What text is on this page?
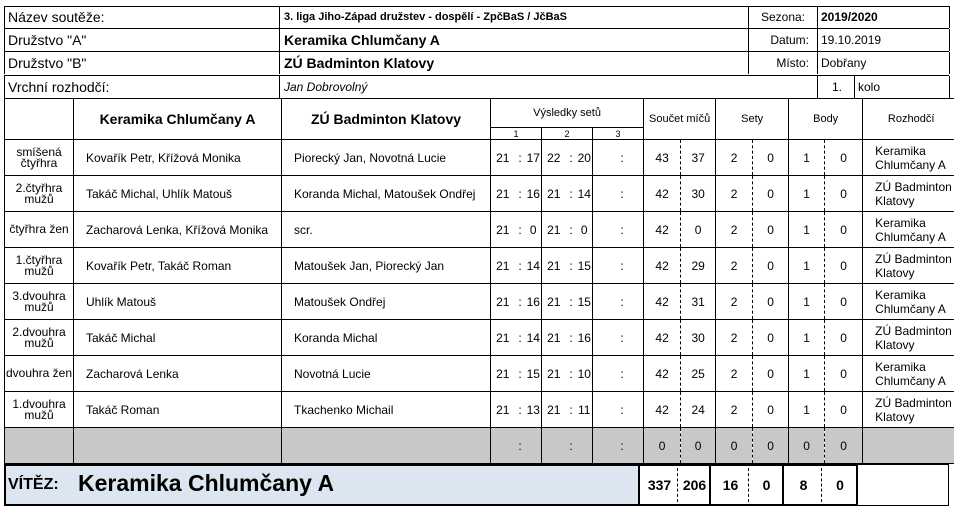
Název soutěže:	3. liga Jiho-Západ družstev - dospělí - ZpčBaS / JčBaS	Sezona:	2019/2020
Družstvo "A"	Keramika Chlumčany A	Datum:	19.10.2019
Družstvo "B"	ZÚ Badminton Klatovy	Místo:	Dobřany
Vrchní rozhodčí:	Jan Dobrovolný	1.	kolo
	Keramika Chlumčany A	ZÚ Badminton Klatovy	Výsledky setů									Součet míčů		Sety		Body		Rozhodčí
			1			2			3									
smíšená čtyřhra	Kovařík Petr, Křížová Monika	Piorecký Jan, Novotná Lucie	21	:	17	22	:	20		:		43	37	2	0	1	0	Keramika Chlumčany A
2.čtyřhra mužů	Takáč Michal, Uhlík Matouš	Koranda Michal, Matoušek Ondřej	21	:	16	21	:	14		:		42	30	2	0	1	0	ZÚ Badminton Klatovy
čtyřhra žen	Zacharová Lenka, Křížová Monika	scr.	21	:	0	21	:	0		:		42	0	2	0	1	0	Keramika Chlumčany A
1.čtyřhra mužů	Kovařík Petr, Takáč Roman	Matoušek Jan, Piorecký Jan	21	:	14	21	:	15		:		42	29	2	0	1	0	ZÚ Badminton Klatovy
3.dvouhra mužů	Uhlík Matouš	Matoušek Ondřej	21	:	16	21	:	15		:		42	31	2	0	1	0	Keramika Chlumčany A
2.dvouhra mužů	Takáč Michal	Koranda Michal	21	:	14	21	:	16		:		42	30	2	0	1	0	ZÚ Badminton Klatovy
dvouhra žen	Zacharová Lenka	Novotná Lucie	21	:	15	21	:	10		:		42	25	2	0	1	0	Keramika Chlumčany A
1.dvouhra mužů	Takáč Roman	Tkachenko Michail	21	:	13	21	:	11		:		42	24	2	0	1	0	ZÚ Badminton Klatovy
				:			:			:		0	0	0	0	0	0	
VÍTĚZ: Keramika Chlumčany A	337 206	16	0	8	0
